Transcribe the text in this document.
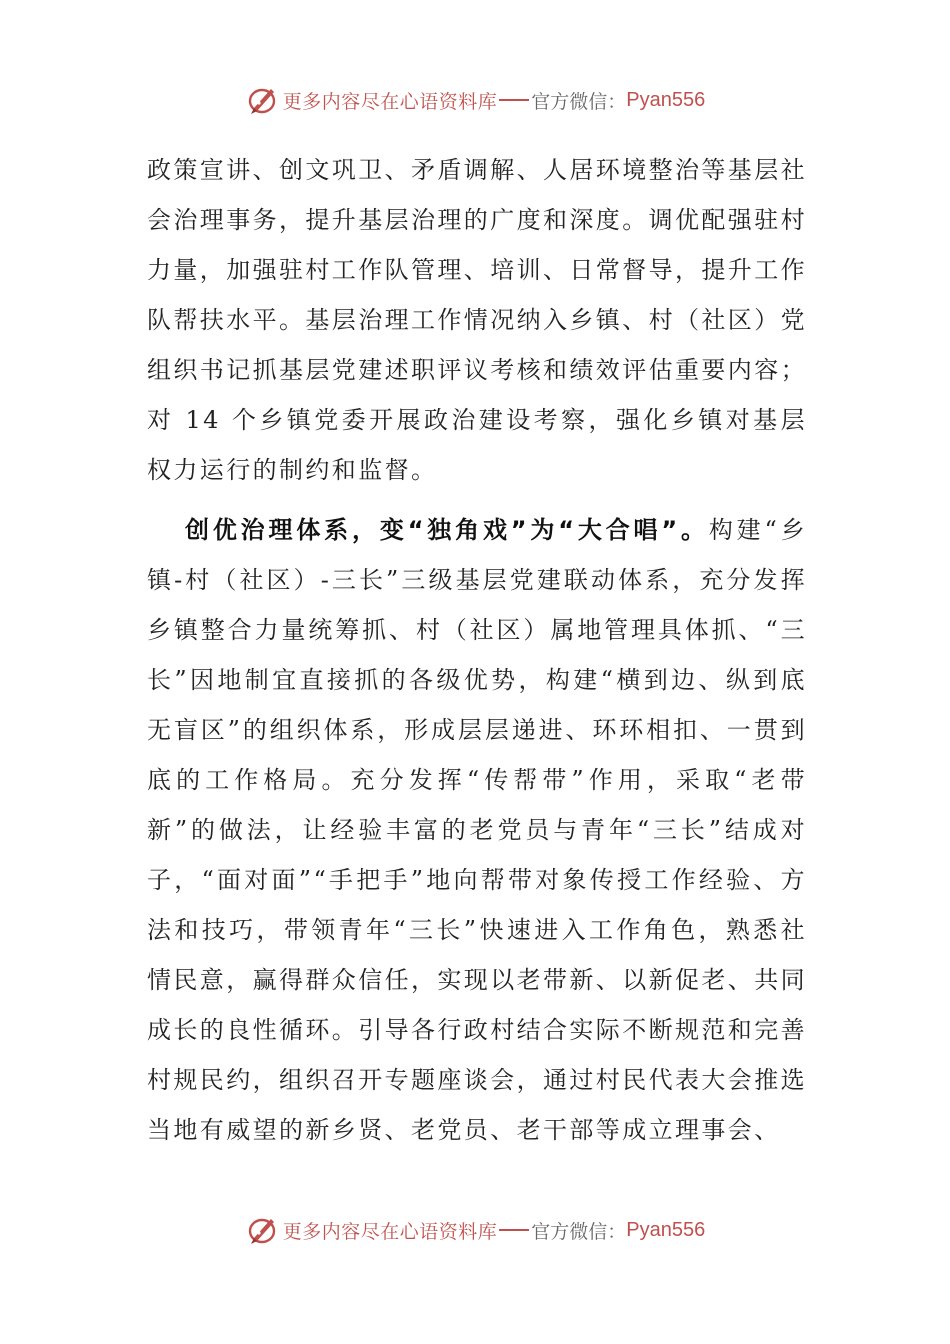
更多内容尽在心语资料库 官方微信： Pyan556

政策宣讲、创文巩卫、矛盾调解、人居环境整治等基层社会治理事务，提升基层治理的广度和深度。调优配强驻村力量，加强驻村工作队管理、培训、日常督导，提升工作队帮扶水平。基层治理工作情况纳入乡镇、村（社区）党组织书记抓基层党建述职评议考核和绩效评估重要内容；对 14 个乡镇党委开展政治建设考察，强化乡镇对基层权力运行的制约和监督。

创优治理体系，变“独角戏”为“大合唱”。构建“乡镇-村（社区）-三长”三级基层党建联动体系，充分发挥乡镇整合力量统筹抓、村（社区）属地管理具体抓、“三长”因地制宜直接抓的各级优势，构建“横到边、纵到底无盲区”的组织体系，形成层层递进、环环相扣、一贯到底的工作格局。充分发挥“传帮带”作用，采取“老带新”的做法，让经验丰富的老党员与青年“三长”结成对子，“面对面”“手把手”地向帮带对象传授工作经验、方法和技巧，带领青年“三长”快速进入工作角色，熟悉社情民意，赢得群众信任，实现以老带新、以新促老、共同成长的良性循环。引导各行政村结合实际不断规范和完善村规民约，组织召开专题座谈会，通过村民代表大会推选当地有威望的新乡贤、老党员、老干部等成立理事会、

更多内容尽在心语资料库 官方微信： Pyan556
